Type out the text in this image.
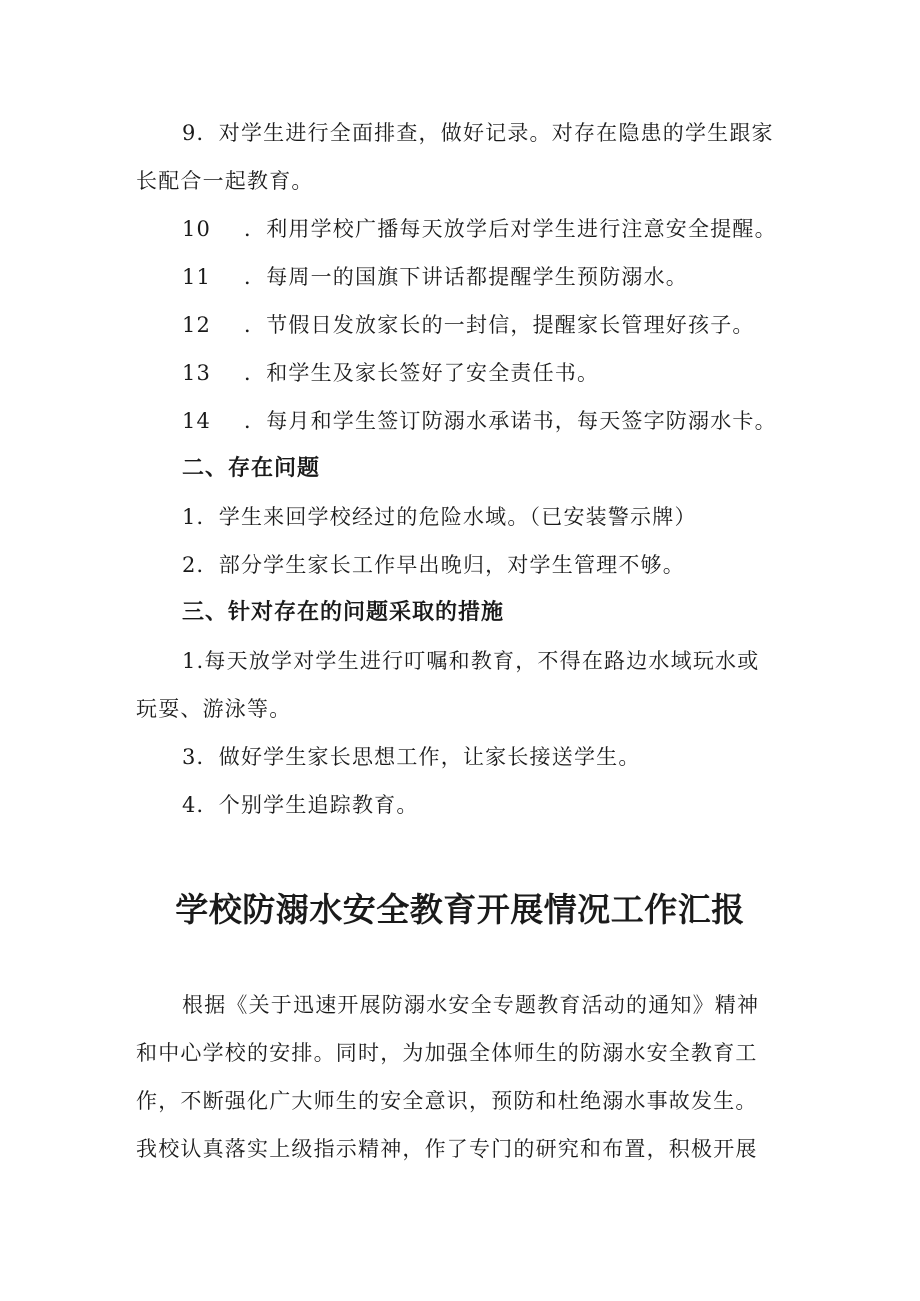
9．对学生进行全面排查，做好记录。对存在隐患的学生跟家
长配合一起教育。
10 ．利用学校广播每天放学后对学生进行注意安全提醒。
11 ．每周一的国旗下讲话都提醒学生预防溺水。
12 ．节假日发放家长的一封信，提醒家长管理好孩子。
13 ．和学生及家长签好了安全责任书。
14 ．每月和学生签订防溺水承诺书，每天签字防溺水卡。
二、存在问题
1．学生来回学校经过的危险水域。（已安装警示牌）
2．部分学生家长工作早出晚归，对学生管理不够。
三、针对存在的问题采取的措施
1.每天放学对学生进行叮嘱和教育，不得在路边水域玩水或
玩耍、游泳等。
3．做好学生家长思想工作，让家长接送学生。
4．个别学生追踪教育。
学校防溺水安全教育开展情况工作汇报
根据《关于迅速开展防溺水安全专题教育活动的通知》精神
和中心学校的安排。同时，为加强全体师生的防溺水安全教育工
作，不断强化广大师生的安全意识，预防和杜绝溺水事故发生。
我校认真落实上级指示精神，作了专门的研究和布置，积极开展
